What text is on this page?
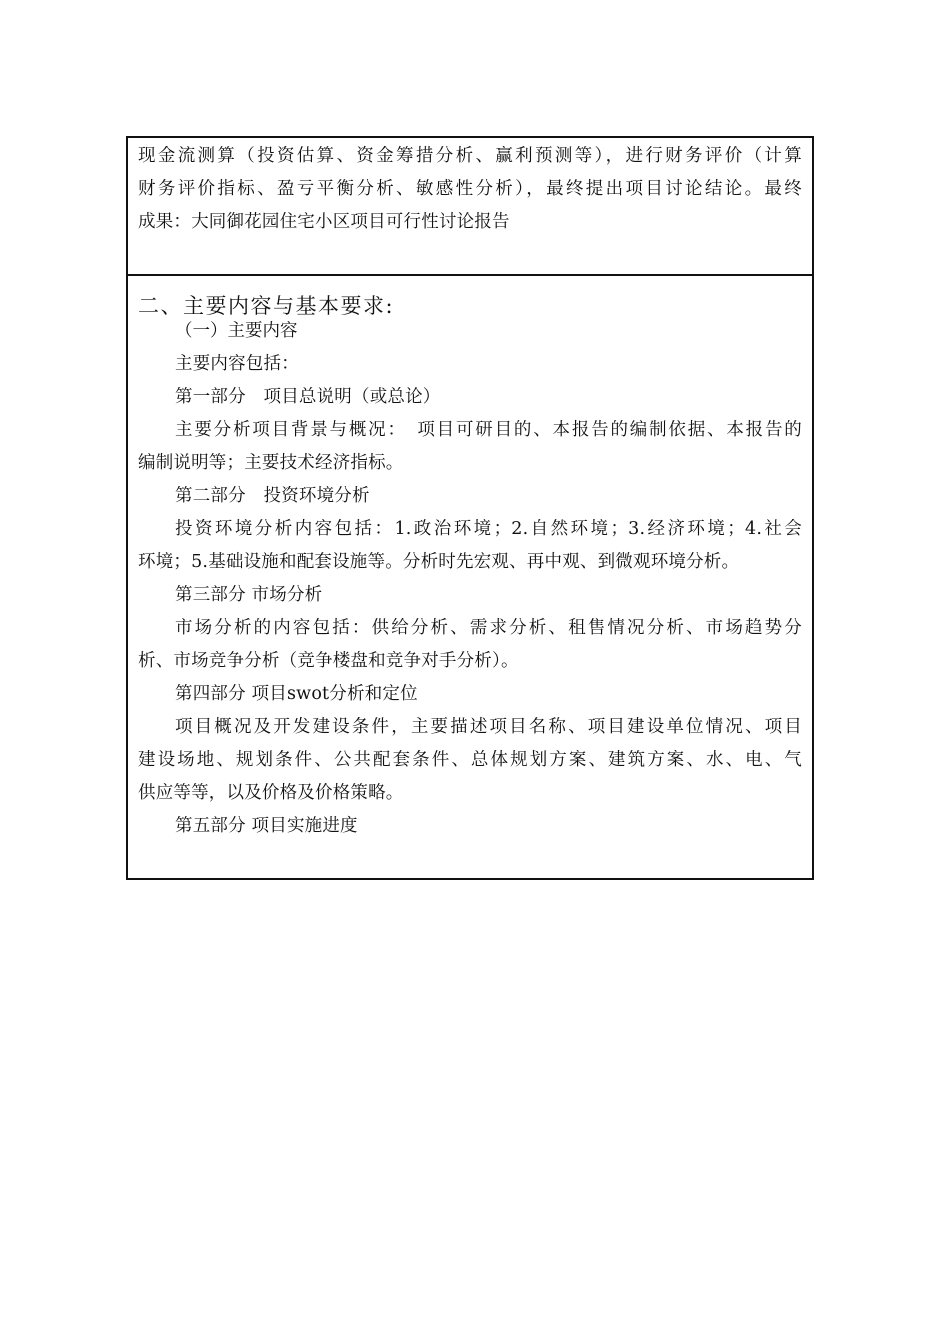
现金流测算（投资估算、资金筹措分析、赢利预测等），进行财务评价（计算
财务评价指标、盈亏平衡分析、敏感性分析），最终提出项目讨论结论。最终
成果：大同御花园住宅小区项目可行性讨论报告
二、主要内容与基本要求:
（一）主要内容
主要内容包括：
第一部分　项目总说明（或总论）
主要分析项目背景与概况：　项目可研目的、本报告的编制依据、本报告的
编制说明等；主要技术经济指标。
第二部分　投资环境分析
投资环境分析内容包括：1.政治环境；2.自然环境；3.经济环境；4.社会
环境；5.基础设施和配套设施等。分析时先宏观、再中观、到微观环境分析。
第三部分 市场分析
市场分析的内容包括：供给分析、需求分析、租售情况分析、市场趋势分
析、市场竞争分析（竞争楼盘和竞争对手分析）。
第四部分 项目swot分析和定位
项目概况及开发建设条件，主要描述项目名称、项目建设单位情况、项目
建设场地、规划条件、公共配套条件、总体规划方案、建筑方案、水、电、气
供应等等，以及价格及价格策略。
第五部分 项目实施进度
